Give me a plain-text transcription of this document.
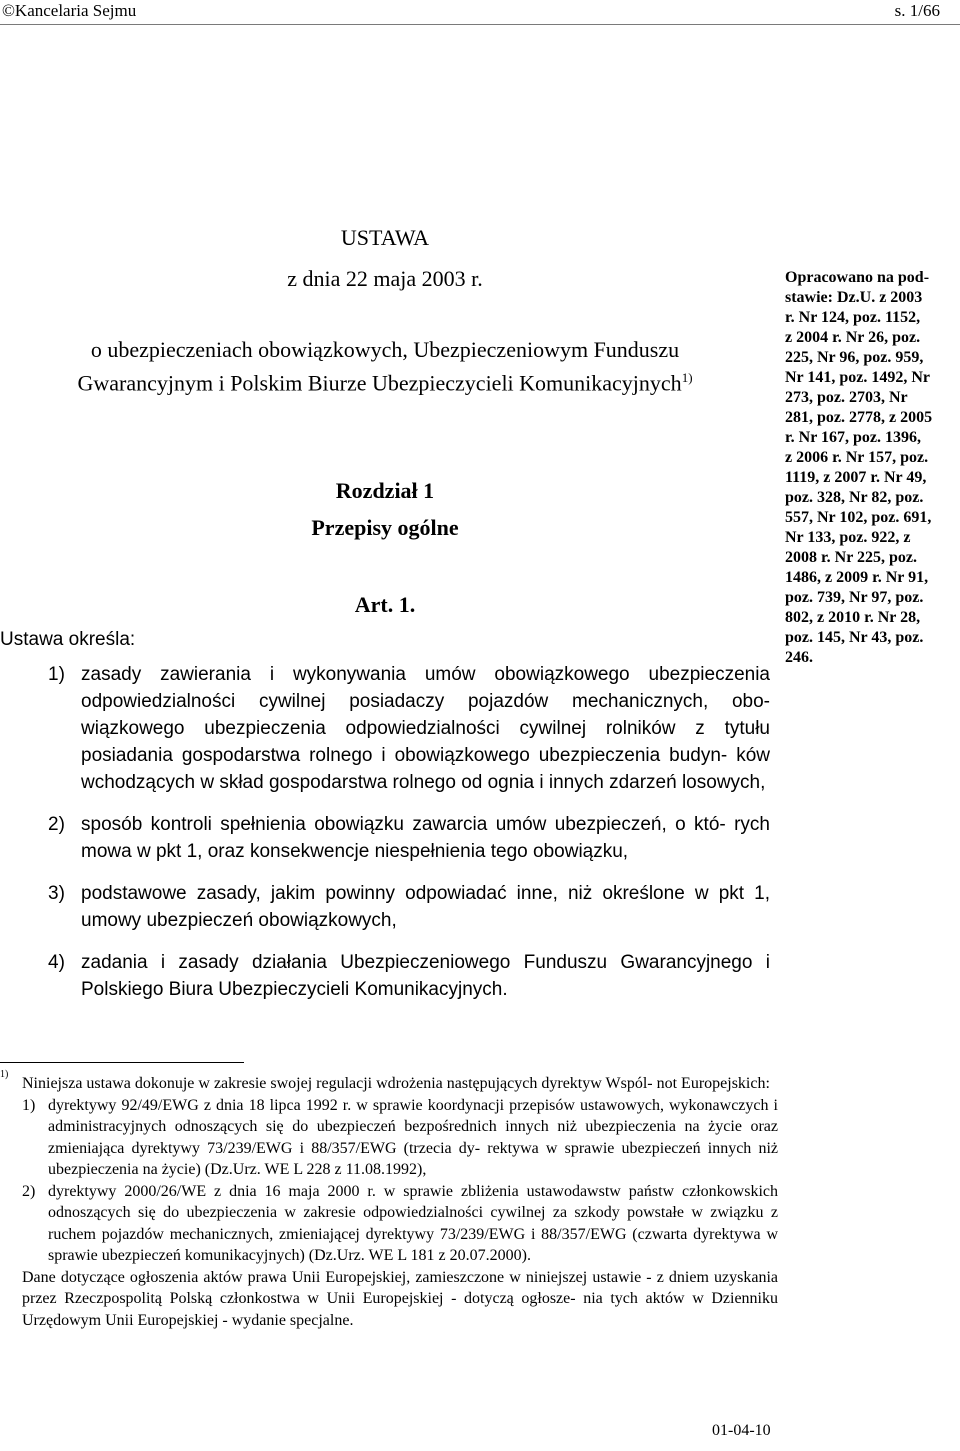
©Kancelaria Sejmu	s. 1/66
USTAWA
z dnia 22 maja 2003 r.
o ubezpieczeniach obowiązkowych, Ubezpieczeniowym Funduszu
Gwarancyjnym i Polskim Biurze Ubezpieczycieli Komunikacyjnych$^{1)}$
Rozdział 1
Przepisy ogólne
Art. 1.
Opracowano na pod-
stawie: Dz.U. z 2003
r. Nr 124, poz. 1152,
z 2004 r. Nr 26, poz.
225, Nr 96, poz. 959,
Nr 141, poz. 1492, Nr
273, poz. 2703, Nr
281, poz. 2778, z 2005
r. Nr 167, poz. 1396,
z 2006 r. Nr 157, poz.
1119, z 2007 r. Nr 49,
poz. 328, Nr 82, poz.
557, Nr 102, poz. 691,
Nr 133, poz. 922, z
2008 r. Nr 225, poz.
1486, z 2009 r. Nr 91,
poz. 739, Nr 97, poz.
802, z 2010 r. Nr 28,
poz. 145, Nr 43, poz.
246.
Ustawa określa:
1) zasady zawierania i wykonywania umów obowiązkowego ubezpieczenia odpowiedzialności cywilnej posiadaczy pojazdów mechanicznych, obo- wiązkowego ubezpieczenia odpowiedzialności cywilnej rolników z tytułu posiadania gospodarstwa rolnego i obowiązkowego ubezpieczenia budyn- ków wchodzących w skład gospodarstwa rolnego od ognia i innych zdarzeń losowych,
2) sposób kontroli spełnienia obowiązku zawarcia umów ubezpieczeń, o któ- rych mowa w pkt 1, oraz konsekwencje niespełnienia tego obowiązku,
3) podstawowe zasady, jakim powinny odpowiadać inne, niż określone w pkt 1, umowy ubezpieczeń obowiązkowych,
4) zadania i zasady działania Ubezpieczeniowego Funduszu Gwarancyjnego i Polskiego Biura Ubezpieczycieli Komunikacyjnych.
1)
Niniejsza ustawa dokonuje w zakresie swojej regulacji wdrożenia następujących dyrektyw Wspól- not Europejskich:
1) dyrektywy 92/49/EWG z dnia 18 lipca 1992 r. w sprawie koordynacji przepisów ustawowych, wykonawczych i administracyjnych odnoszących się do ubezpieczeń bezpośrednich innych niż ubezpieczenia na życie oraz zmieniająca dyrektywy 73/239/EWG i 88/357/EWG (trzecia dy- rektywa w sprawie ubezpieczeń innych niż ubezpieczenia na życie) (Dz.Urz. WE L 228 z 11.08.1992),
2) dyrektywy 2000/26/WE z dnia 16 maja 2000 r. w sprawie zbliżenia ustawodawstw państw członkowskich odnoszących się do ubezpieczenia w zakresie odpowiedzialności cywilnej za szkody powstałe w związku z ruchem pojazdów mechanicznych, zmieniającej dyrektywy 73/239/EWG i 88/357/EWG (czwarta dyrektywa w sprawie ubezpieczeń komunikacyjnych) (Dz.Urz. WE L 181 z 20.07.2000).
Dane dotyczące ogłoszenia aktów prawa Unii Europejskiej, zamieszczone w niniejszej ustawie - z dniem uzyskania przez Rzeczpospolitą Polską członkostwa w Unii Europejskiej - dotyczą ogłosze- nia tych aktów w Dzienniku Urzędowym Unii Europejskiej - wydanie specjalne.
01-04-10
